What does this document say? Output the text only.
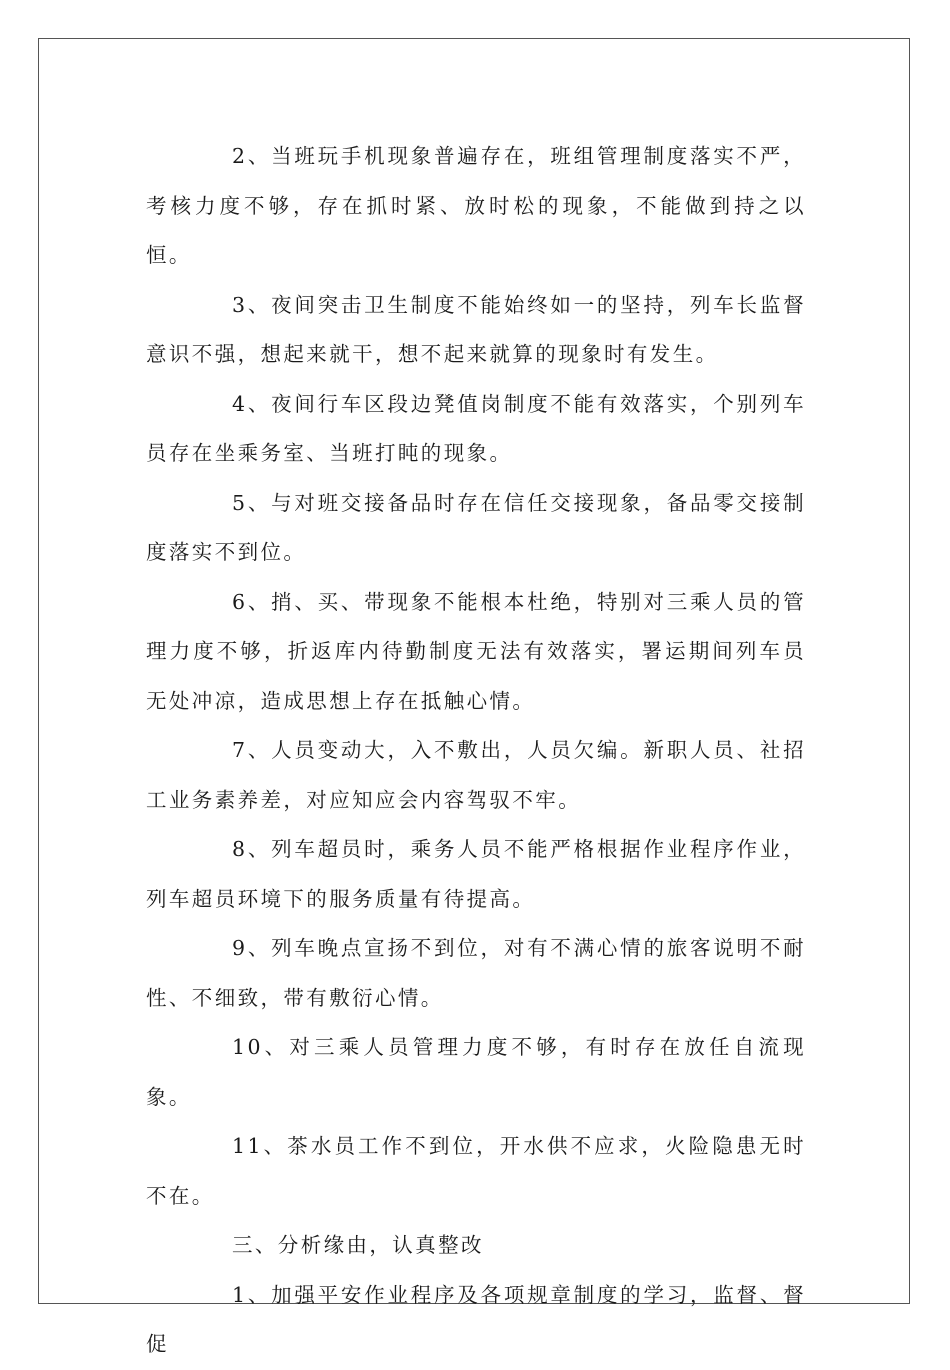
2、当班玩手机现象普遍存在，班组管理制度落实不严，考核力度不够，存在抓时紧、放时松的现象，不能做到持之以恒。

3、夜间突击卫生制度不能始终如一的坚持，列车长监督意识不强，想起来就干，想不起来就算的现象时有发生。

4、夜间行车区段边凳值岗制度不能有效落实，个别列车员存在坐乘务室、当班打盹的现象。

5、与对班交接备品时存在信任交接现象，备品零交接制度落实不到位。

6、捎、买、带现象不能根本杜绝，特别对三乘人员的管理力度不够，折返库内待勤制度无法有效落实，署运期间列车员无处冲凉，造成思想上存在抵触心情。

7、人员变动大，入不敷出，人员欠编。新职人员、社招工业务素养差，对应知应会内容驾驭不牢。

8、列车超员时，乘务人员不能严格根据作业程序作业，列车超员环境下的服务质量有待提高。

9、列车晚点宣扬不到位，对有不满心情的旅客说明不耐性、不细致，带有敷衍心情。

10、对三乘人员管理力度不够，有时存在放任自流现象。

11、茶水员工作不到位，开水供不应求，火险隐患无时不在。

三、分析缘由，认真整改

1、加强平安作业程序及各项规章制度的学习，监督、督促
